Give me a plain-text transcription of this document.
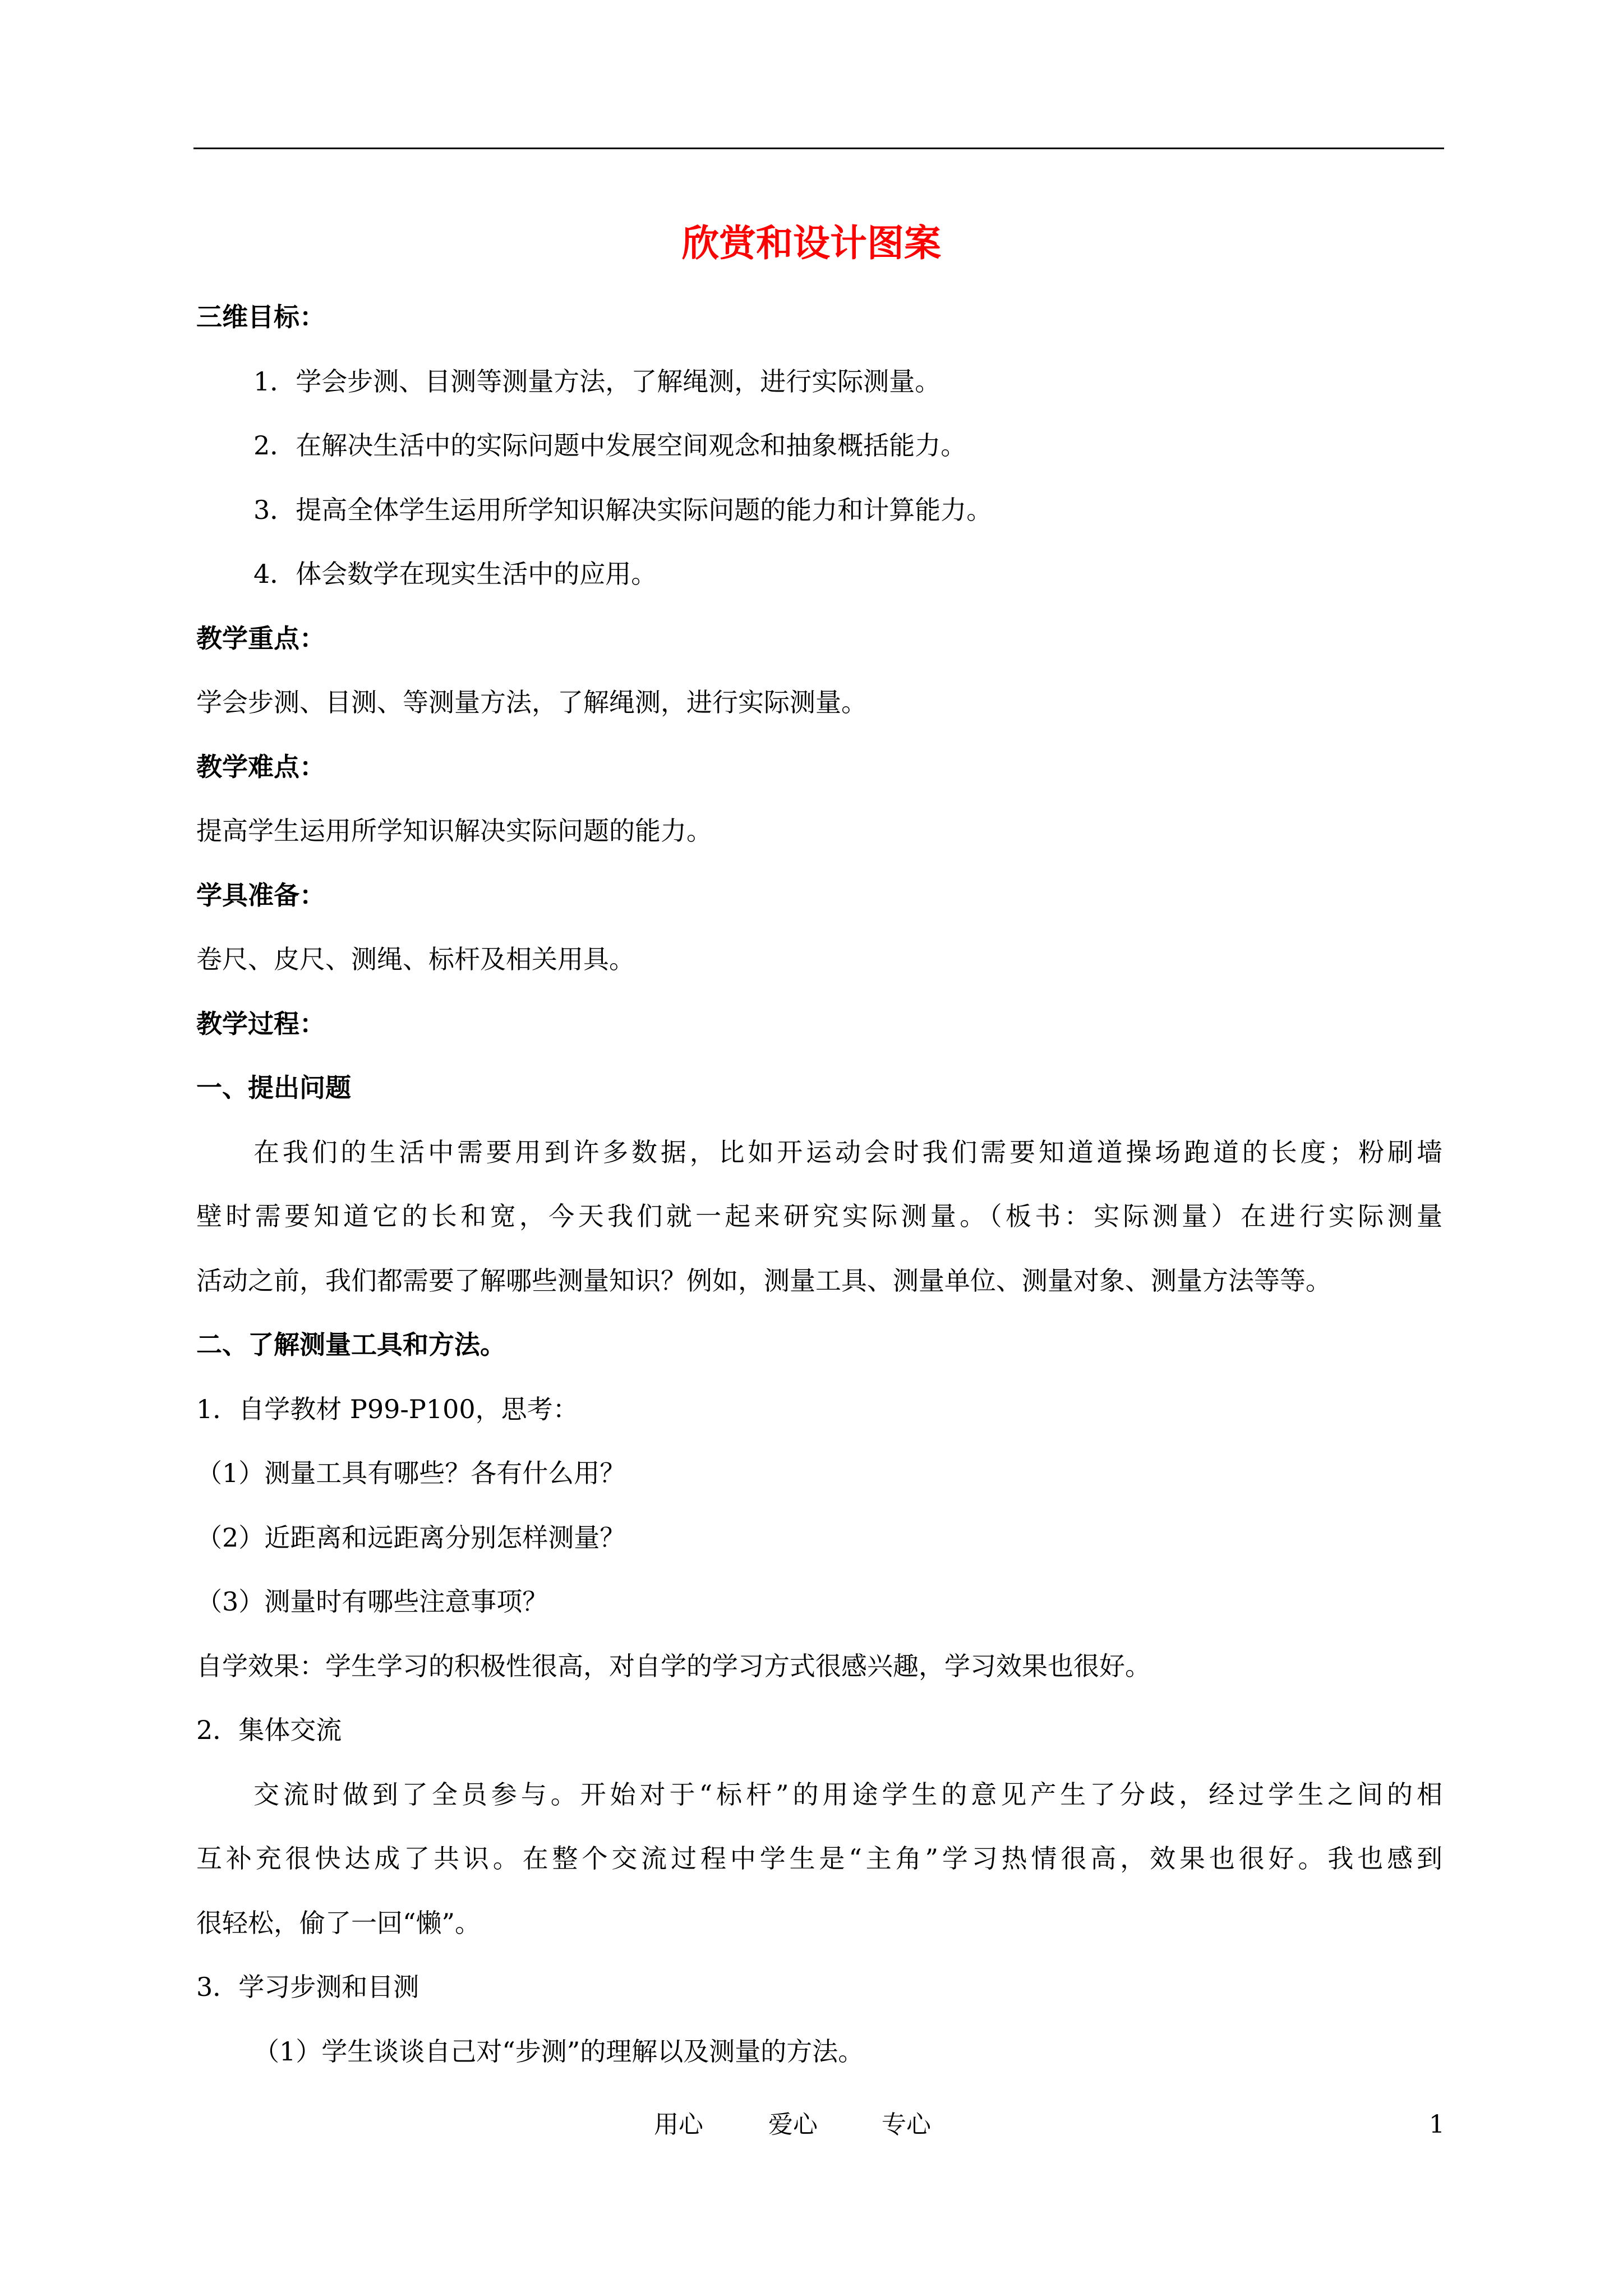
欣赏和设计图案
三维目标：
1．学会步测、目测等测量方法，了解绳测，进行实际测量。
2．在解决生活中的实际问题中发展空间观念和抽象概括能力。
3．提高全体学生运用所学知识解决实际问题的能力和计算能力。
4．体会数学在现实生活中的应用。
教学重点：
学会步测、目测、等测量方法，了解绳测，进行实际测量。
教学难点：
提高学生运用所学知识解决实际问题的能力。
学具准备：
卷尺、皮尺、测绳、标杆及相关用具。
教学过程：
一、提出问题
在我们的生活中需要用到许多数据，比如开运动会时我们需要知道道操场跑道的长度；粉刷墙
壁时需要知道它的长和宽，今天我们就一起来研究实际测量。（板书：实际测量）在进行实际测量
活动之前，我们都需要了解哪些测量知识？例如，测量工具、测量单位、测量对象、测量方法等等。
二、了解测量工具和方法。
1．自学教材 P99-P100，思考：
（1）测量工具有哪些？各有什么用？
（2）近距离和远距离分别怎样测量？
（3）测量时有哪些注意事项？
自学效果：学生学习的积极性很高，对自学的学习方式很感兴趣，学习效果也很好。
2．集体交流
交流时做到了全员参与。开始对于“标杆”的用途学生的意见产生了分歧，经过学生之间的相
互补充很快达成了共识。在整个交流过程中学生是“主角”学习热情很高，效果也很好。我也感到
很轻松，偷了一回“懒”。
3．学习步测和目测
（1）学生谈谈自己对“步测”的理解以及测量的方法。
用心	爱心	专心	1
